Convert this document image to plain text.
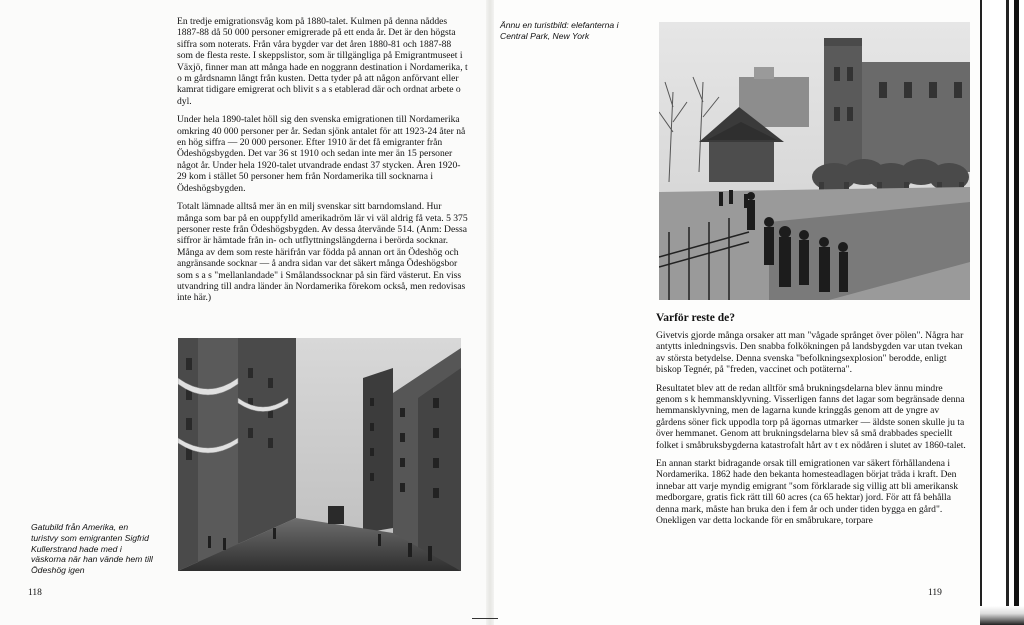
En tredje emigrationsvåg kom på 1880-talet. Kulmen på denna nåddes 1887-88 då 50 000 personer emigrerade på ett enda år. Det är den högsta siffra som noterats. Från våra bygder var det åren 1880-81 och 1887-88 som de flesta reste. I skeppslistor, som är tillgängliga på Emigrantmuseet i Växjö, finner man att många hade en noggrann destination i Nordamerika, t o m gårdsnamn långt från kusten. Detta tyder på att någon anförvant eller kamrat tidigare emigrerat och blivit s a s etablerad där och ordnat arbete o dyl.

Under hela 1890-talet höll sig den svenska emigrationen till Nordamerika omkring 40 000 personer per år. Sedan sjönk antalet för att 1923-24 åter nå en hög siffra — 20 000 personer. Efter 1910 är det få emigranter från Ödeshögsbygden. Det var 36 st 1910 och sedan inte mer än 15 personer något år. Under hela 1920-talet utvandrade endast 37 stycken. Åren 1920-29 kom i stället 50 personer hem från Nordamerika till socknarna i Ödeshögsbygden.

Totalt lämnade alltså mer än en milj svenskar sitt barndomsland. Hur många som bar på en ouppfylld amerikadröm lär vi väl aldrig få veta. 5 375 personer reste från Ödeshögsbygden. Av dessa återvände 514. (Anm: Dessa siffror är hämtade från in- och utflyttningslängderna i berörda socknar. Många av dem som reste härifrån var födda på annan ort än Ödeshög och angränsande socknar — å andra sidan var det säkert många Ödeshögsbor som s a s "mellanlandade" i Smålandssocknar på sin färd västerut. En viss utvandring till andra länder än Nordamerika förekom också, men redovisas inte här.)

Gatubild från Amerika, en turistvy som emigranten Sigfrid Kullerstrand hade med i väskorna när han vände hem till Ödeshög igen
118
Ännu en turistbild: elefanterna i Central Park, New York
Varför reste de?

Givetvis gjorde många orsaker att man "vågade språnget över pölen". Några har antytts inledningsvis. Den snabba folkökningen på landsbygden var utan tvekan av största betydelse. Denna svenska "befolkningsexplosion" berodde, enligt biskop Tegnér, på "freden, vaccinet och potäterna".

Resultatet blev att de redan alltför små brukningsdelarna blev ännu mindre genom s k hemmansklyvning. Visserligen fanns det lagar som begränsade denna hemmansklyvning, men de lagarna kunde kringgås genom att de yngre av gårdens söner fick uppodla torp på ägornas utmarker — äldste sonen skulle ju ta över hemmanet. Genom att brukningsdelarna blev så små drabbades speciellt folket i småbruksbygderna katastrofalt hårt av t ex nödåren i slutet av 1860-talet.

En annan starkt bidragande orsak till emigrationen var säkert förhållandena i Nordamerika. 1862 hade den bekanta homesteadlagen börjat träda i kraft. Den innebar att varje myndig emigrant "som förklarade sig villig att bli amerikansk medborgare, gratis fick rätt till 60 acres (ca 65 hektar) jord. För att få behålla denna mark, måste han bruka den i fem år och under tiden bygga en gård". Onekligen var detta lockande för en småbrukare, torpare

119
